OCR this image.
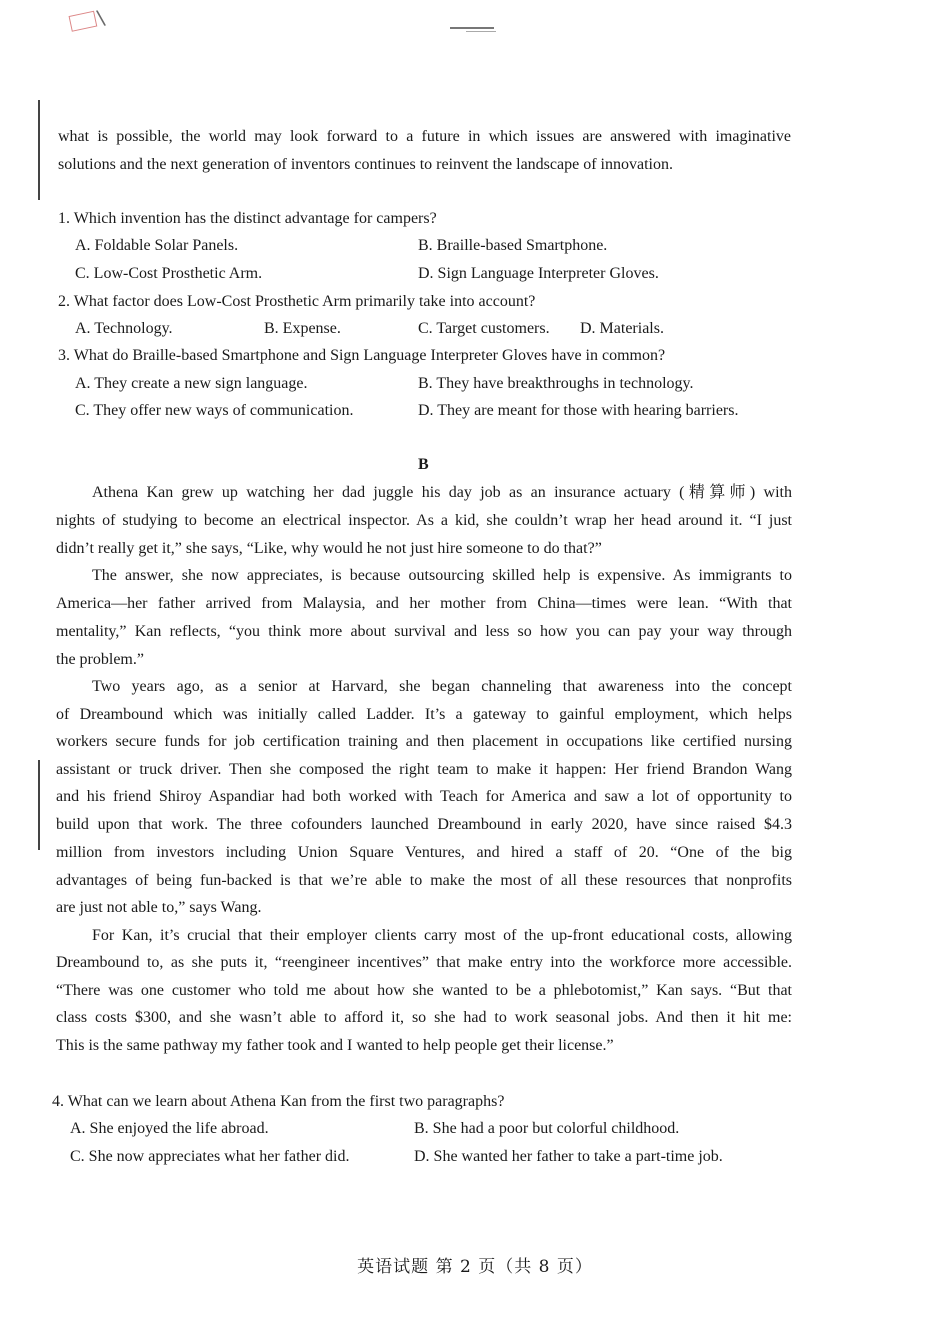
\
what is possible, the world may look forward to a future in which issues are answered with imaginative
solutions and the next generation of inventors continues to reinvent the landscape of innovation.
1. Which invention has the distinct advantage for campers?
A. Foldable Solar Panels.	B. Braille-based Smartphone.
C. Low-Cost Prosthetic Arm.	D. Sign Language Interpreter Gloves.
2. What factor does Low-Cost Prosthetic Arm primarily take into account?
A. Technology.	B. Expense.	C. Target customers. D. Materials.
3. What do Braille-based Smartphone and Sign Language Interpreter Gloves have in common?
A. They create a new sign language.	B. They have breakthroughs in technology.
C. They offer new ways of communication.	D. They are meant for those with hearing barriers.
B
Athena Kan grew up watching her dad juggle his day job as an insurance actuary (精算师) with
nights of studying to become an electrical inspector. As a kid, she couldn’t wrap her head around it. “I just
didn’t really get it,” she says, “Like, why would he not just hire someone to do that?”
The answer, she now appreciates, is because outsourcing skilled help is expensive. As immigrants to
America—her father arrived from Malaysia, and her mother from China—times were lean. “With that
mentality,” Kan reflects, “you think more about survival and less so how you can pay your way through
the problem.”
Two years ago, as a senior at Harvard, she began channeling that awareness into the concept
of Dreambound which was initially called Ladder. It’s a gateway to gainful employment, which helps
workers secure funds for job certification training and then placement in occupations like certified nursing
assistant or truck driver. Then she composed the right team to make it happen: Her friend Brandon Wang
and his friend Shiroy Aspandiar had both worked with Teach for America and saw a lot of opportunity to
build upon that work. The three cofounders launched Dreambound in early 2020, have since raised $4.3
million from investors including Union Square Ventures, and hired a staff of 20. “One of the big
advantages of being fun-backed is that we’re able to make the most of all these resources that nonprofits
are just not able to,” says Wang.
For Kan, it’s crucial that their employer clients carry most of the up-front educational costs, allowing
Dreambound to, as she puts it, “reengineer incentives” that make entry into the workforce more accessible.
“There was one customer who told me about how she wanted to be a phlebotomist,” Kan says. “But that
class costs $300, and she wasn’t able to afford it, so she had to work seasonal jobs. And then it hit me:
This is the same pathway my father took and I wanted to help people get their license.”
4. What can we learn about Athena Kan from the first two paragraphs?
A. She enjoyed the life abroad.	B. She had a poor but colorful childhood.
C. She now appreciates what her father did.	D. She wanted her father to take a part-time job.
英语试题 第 2 页（共 8 页）
